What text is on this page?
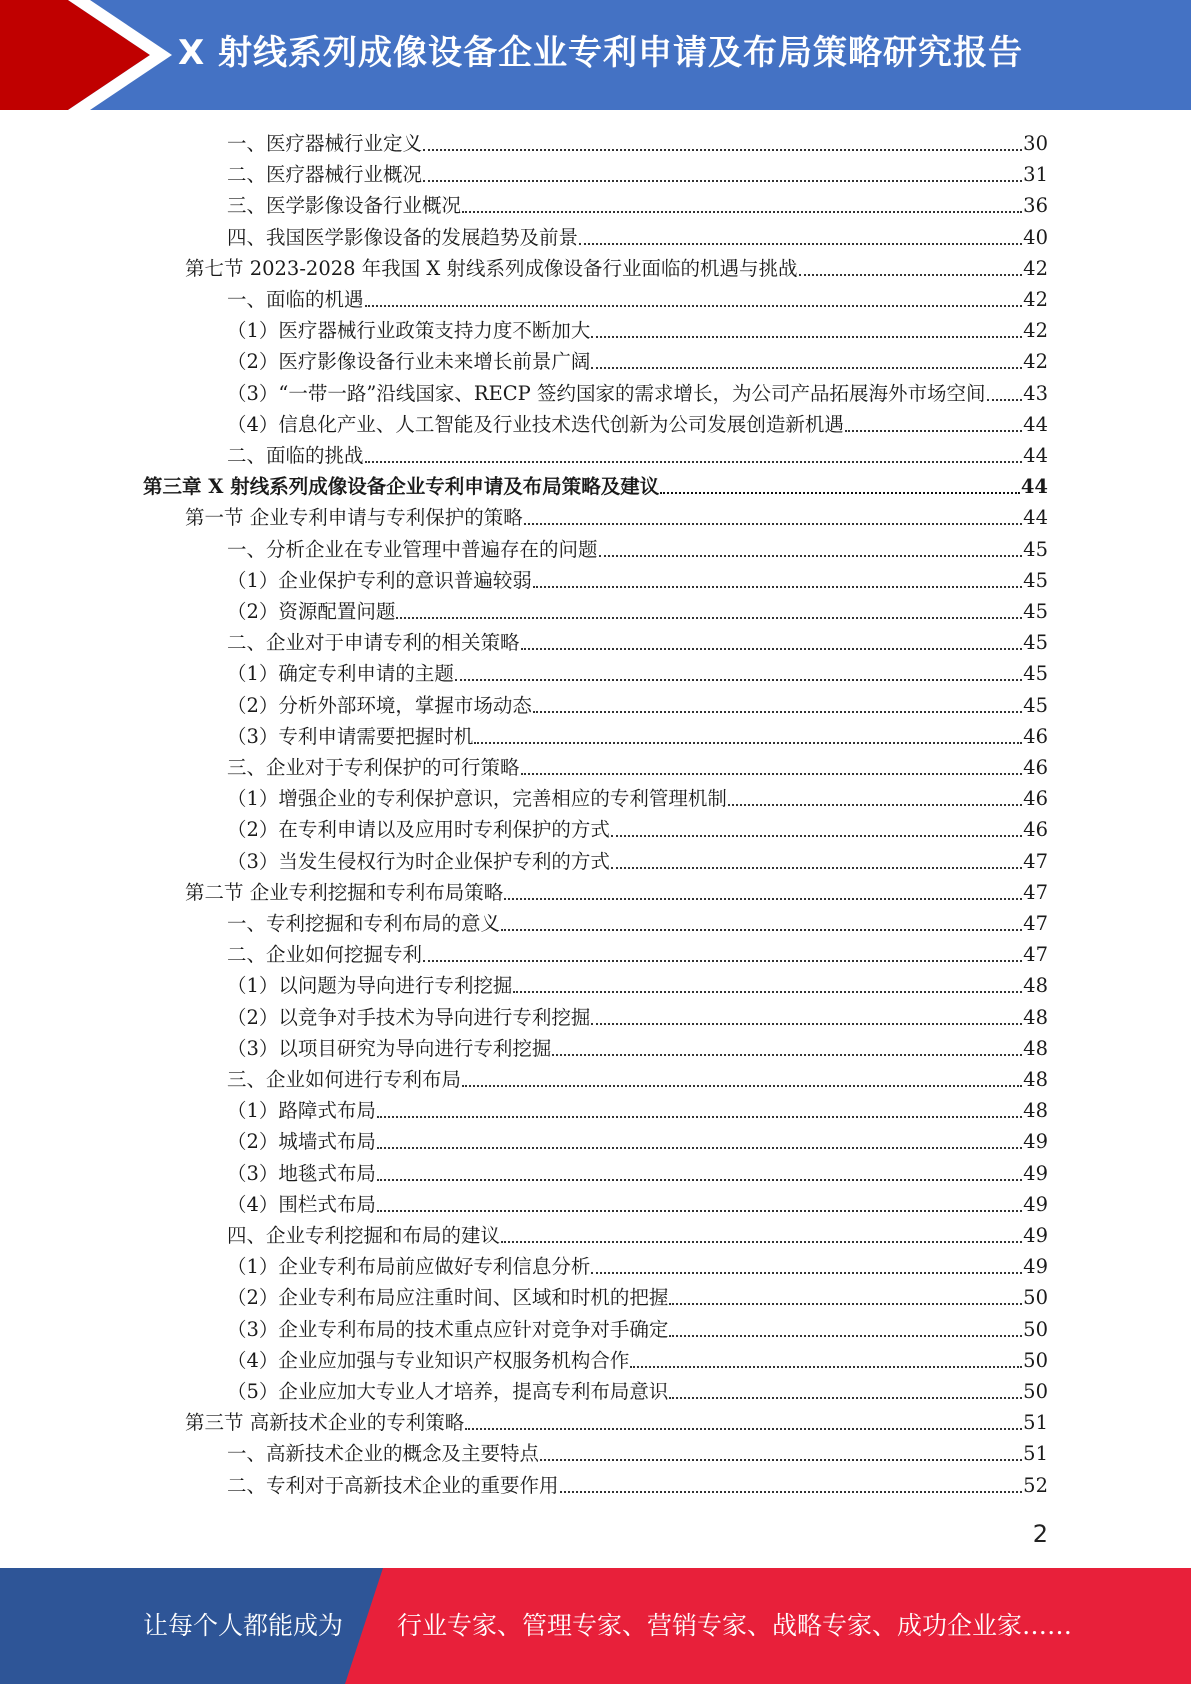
X 射线系列成像设备企业专利申请及布局策略研究报告
一、医疗器械行业定义	30
二、医疗器械行业概况	31
三、医学影像设备行业概况	36
四、我国医学影像设备的发展趋势及前景	40
第七节 2023-2028 年我国 X 射线系列成像设备行业面临的机遇与挑战	42
一、面临的机遇	42
（1）医疗器械行业政策支持力度不断加大	42
（2）医疗影像设备行业未来增长前景广阔	42
（3）“一带一路”沿线国家、RECP 签约国家的需求增长，为公司产品拓展海外市场空间 43
（4）信息化产业、人工智能及行业技术迭代创新为公司发展创造新机遇	44
二、面临的挑战	44
第三章 X 射线系列成像设备企业专利申请及布局策略及建议	44
第一节 企业专利申请与专利保护的策略	44
一、分析企业在专业管理中普遍存在的问题	45
（1）企业保护专利的意识普遍较弱	45
（2）资源配置问题	45
二、企业对于申请专利的相关策略	45
（1）确定专利申请的主题	45
（2）分析外部环境，掌握市场动态	45
（3）专利申请需要把握时机	46
三、企业对于专利保护的可行策略	46
（1）增强企业的专利保护意识，完善相应的专利管理机制	46
（2）在专利申请以及应用时专利保护的方式	46
（3）当发生侵权行为时企业保护专利的方式	47
第二节 企业专利挖掘和专利布局策略	47
一、专利挖掘和专利布局的意义	47
二、企业如何挖掘专利	47
（1）以问题为导向进行专利挖掘	48
（2）以竞争对手技术为导向进行专利挖掘	48
（3）以项目研究为导向进行专利挖掘	48
三、企业如何进行专利布局	48
（1）路障式布局	48
（2）城墙式布局	49
（3）地毯式布局	49
（4）围栏式布局	49
四、企业专利挖掘和布局的建议	49
（1）企业专利布局前应做好专利信息分析	49
（2）企业专利布局应注重时间、区域和时机的把握	50
（3）企业专利布局的技术重点应针对竞争对手确定	50
（4）企业应加强与专业知识产权服务机构合作	50
（5）企业应加大专业人才培养，提高专利布局意识	50
第三节 高新技术企业的专利策略	51
一、高新技术企业的概念及主要特点	51
二、专利对于高新技术企业的重要作用	52
2
让每个人都能成为 行业专家、管理专家、营销专家、战略专家、成功企业家……
